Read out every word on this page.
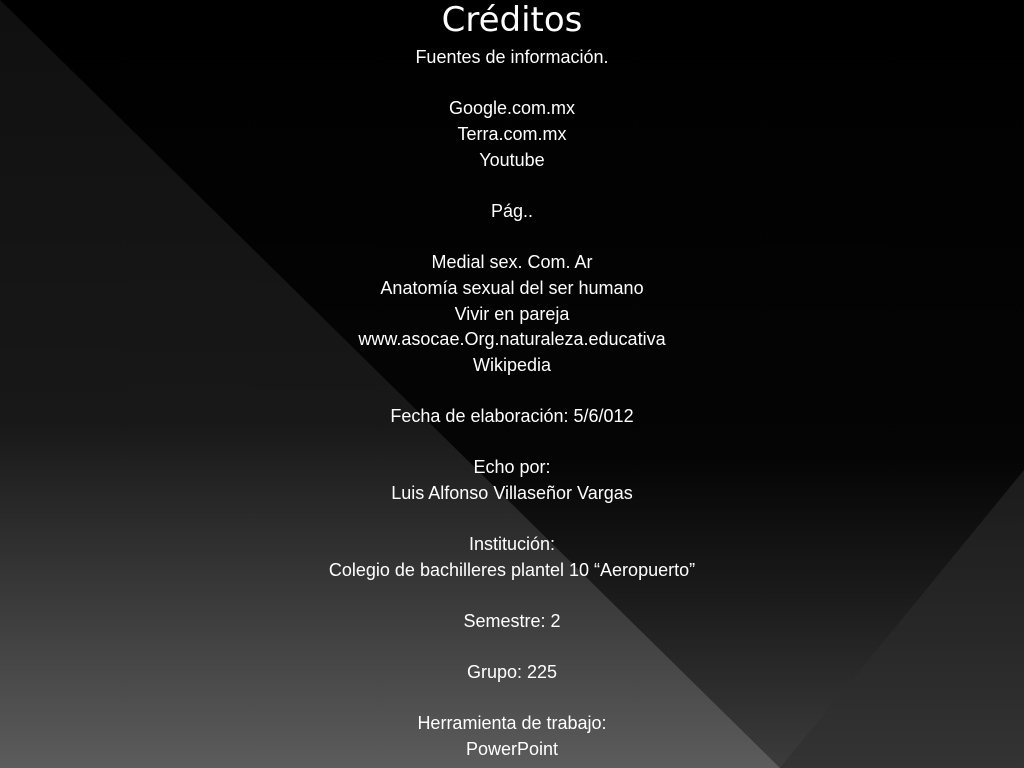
Créditos
Fuentes de información.
Google.com.mx
Terra.com.mx
Youtube
Pág..
Medial sex. Com. Ar
Anatomía sexual del ser humano
Vivir en pareja
www.asocae.Org.naturaleza.educativa
Wikipedia
Fecha de elaboración: 5/6/012
Echo por:
Luis Alfonso Villaseñor Vargas
Institución:
Colegio de bachilleres plantel 10 “Aeropuerto”
Semestre: 2
Grupo: 225
Herramienta de trabajo:
PowerPoint
